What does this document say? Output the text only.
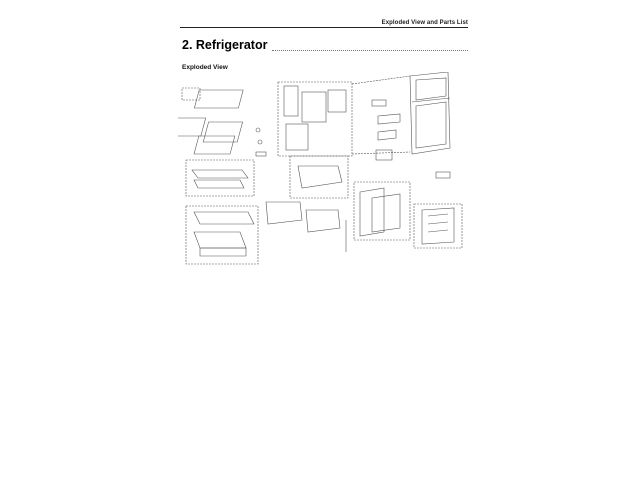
Exploded View and Parts List
2. Refrigerator
Exploded View
